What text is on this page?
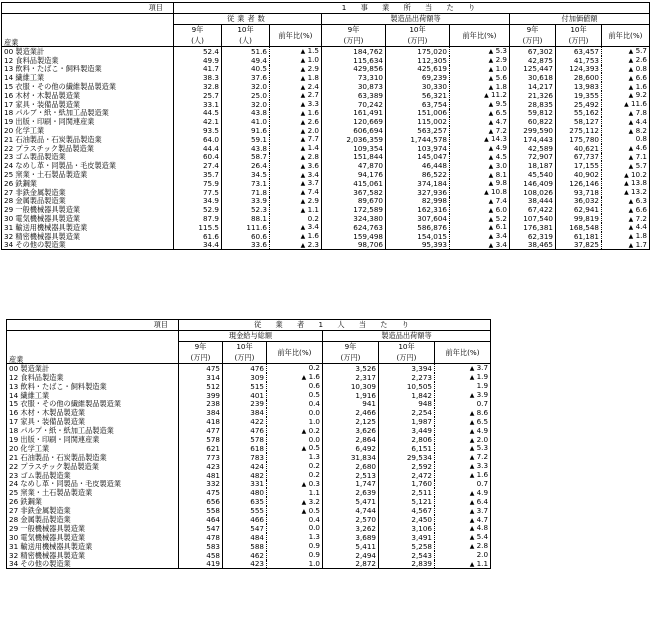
項目	1 事 業 所 当 た り								
産業	従業者数			製造品出荷額等			付加価値額		
	9年	10年	前年比(%)	9年	10年	前年比(%)	9年	10年	前年比(%)
	(人)	(人)		(万円)	(万円)		(万円)	(万円)	
00 製造業計	52.4	51.6	▲ 1.5	184,762	175,020	▲ 5.3	67,302	63,457	▲ 5.7
12 食料品製造業	49.9	49.4	▲ 1.0	115,634	112,305	▲ 2.9	42,875	41,753	▲ 2.6
13 飲料・たばこ・飼料製造業	41.7	40.5	▲ 2.9	429,856	425,619	▲ 1.0	125,447	124,393	▲ 0.8
14 繊維工業	38.3	37.6	▲ 1.8	73,310	69,239	▲ 5.6	30,618	28,600	▲ 6.6
15 衣服・その他の繊維製品製造業	32.8	32.0	▲ 2.4	30,873	30,330	▲ 1.8	14,217	13,983	▲ 1.6
16 木材・木製品製造業	25.7	25.0	▲ 2.7	63,389	56,321	▲ 11.2	21,326	19,355	▲ 9.2
17 家具・装備品製造業	33.1	32.0	▲ 3.3	70,242	63,754	▲ 9.5	28,835	25,492	▲ 11.6
18 パルプ・紙・紙加工品製造業	44.5	43.8	▲ 1.6	161,491	151,006	▲ 6.5	59,812	55,162	▲ 7.8
19 出版・印刷・同関連産業	42.1	41.0	▲ 2.6	120,669	115,002	▲ 4.7	60,822	58,127	▲ 4.4
20 化学工業	93.5	91.6	▲ 2.0	606,694	563,257	▲ 7.2	299,590	275,112	▲ 8.2
21 石油製品・石炭製品製造業	64.0	59.1	▲ 7.7	2,036,359	1,744,578	▲ 14.3	174,443	175,780	0.8
22 プラスチック製品製造業	44.4	43.8	▲ 1.4	109,354	103,974	▲ 4.9	42,589	40,621	▲ 4.6
23 ゴム製品製造業	60.4	58.7	▲ 2.8	151,844	145,047	▲ 4.5	72,907	67,737	▲ 7.1
24 なめし革・同製品・毛皮製造業	27.4	26.4	▲ 3.6	47,870	46,448	▲ 3.0	18,187	17,155	▲ 5.7
25 窯業・土石製品製造業	35.7	34.5	▲ 3.4	94,176	86,522	▲ 8.1	45,540	40,902	▲ 10.2
26 鉄鋼業	75.9	73.1	▲ 3.7	415,061	374,184	▲ 9.8	146,409	126,146	▲ 13.8
27 非鉄金属製造業	77.5	71.8	▲ 7.4	367,582	327,936	▲ 10.8	108,026	93,718	▲ 13.2
28 金属製品製造業	34.9	33.9	▲ 2.9	89,670	82,998	▲ 7.4	38,444	36,032	▲ 6.3
29 一般機械器具製造業	52.9	52.3	▲ 1.1	172,589	162,316	▲ 6.0	67,422	62,941	▲ 6.6
30 電気機械器具製造業	87.9	88.1	0.2	324,380	307,604	▲ 5.2	107,540	99,819	▲ 7.2
31 輸送用機械器具製造業	115.5	111.6	▲ 3.4	624,763	586,876	▲ 6.1	176,381	168,548	▲ 4.4
32 精密機械器具製造業	61.6	60.6	▲ 1.6	159,498	154,015	▲ 3.4	62,319	61,181	▲ 1.8
34 その他の製造業	34.4	33.6	▲ 2.3	98,706	95,393	▲ 3.4	38,465	37,825	▲ 1.7
項目	従 業 者 1 人 当 た り					
産業	現金給与総額			製造品出荷額等		
	9年	10年	前年比(%)	9年	10年	前年比(%)
	(万円)	(万円)		(万円)	(万円)	
00 製造業計	475	476	0.2	3,526	3,394	▲ 3.7
12 食料品製造業	314	309	▲ 1.6	2,317	2,273	▲ 1.9
13 飲料・たばこ・飼料製造業	512	515	0.6	10,309	10,505	1.9
14 繊維工業	399	401	0.5	1,916	1,842	▲ 3.9
15 衣服・その他の繊維製品製造業	238	239	0.4	941	948	0.7
16 木材・木製品製造業	384	384	0.0	2,466	2,254	▲ 8.6
17 家具・装備品製造業	418	422	1.0	2,125	1,987	▲ 6.5
18 パルプ・紙・紙加工品製造業	477	476	▲ 0.2	3,626	3,449	▲ 4.9
19 出版・印刷・同関連産業	578	578	0.0	2,864	2,806	▲ 2.0
20 化学工業	621	618	▲ 0.5	6,492	6,151	▲ 5.3
21 石油製品・石炭製品製造業	773	783	1.3	31,834	29,534	▲ 7.2
22 プラスチック製品製造業	423	424	0.2	2,680	2,592	▲ 3.3
23 ゴム製品製造業	481	482	0.2	2,513	2,472	▲ 1.6
24 なめし革・同製品・毛皮製造業	332	331	▲ 0.3	1,747	1,760	0.7
25 窯業・土石製品製造業	475	480	1.1	2,639	2,511	▲ 4.9
26 鉄鋼業	656	635	▲ 3.2	5,471	5,121	▲ 6.4
27 非鉄金属製造業	558	555	▲ 0.5	4,744	4,567	▲ 3.7
28 金属製品製造業	464	466	0.4	2,570	2,450	▲ 4.7
29 一般機械器具製造業	547	547	0.0	3,262	3,106	▲ 4.8
30 電気機械器具製造業	478	484	1.3	3,689	3,491	▲ 5.4
31 輸送用機械器具製造業	583	588	0.9	5,411	5,258	▲ 2.8
32 精密機械器具製造業	458	462	0.9	2,494	2,543	2.0
34 その他の製造業	419	423	1.0	2,872	2,839	▲ 1.1
